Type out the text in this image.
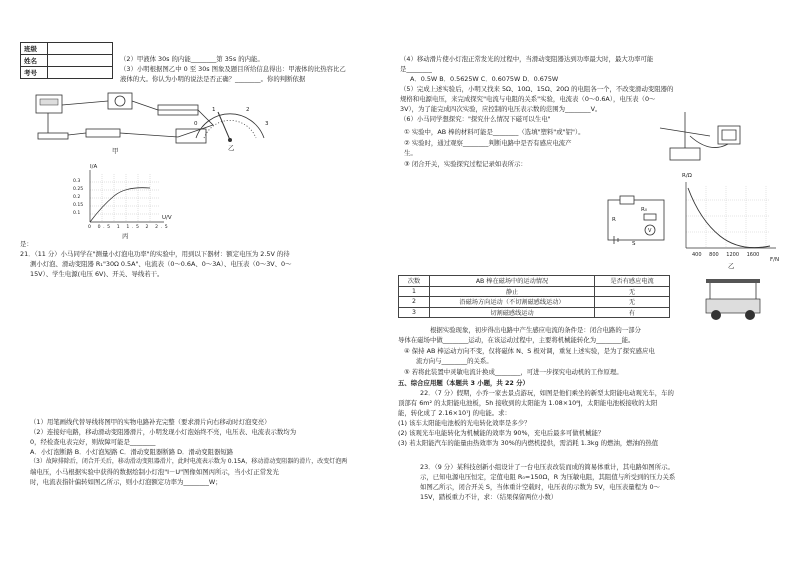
班级	
姓名	
考号	
（2）甲液体 30s 的内能________第 35s 的内能。
（3）小明根据图乙中 0 至 30s 图象及题目所给信息得出：甲液体的比热容比乙
液体的大。你认为小明的说法是否正确？________。你的判断依据
甲
0
1	2
3
乙
I/A
U/V
0.3
0.25
0.2
0.15
0.1
0 0.5 1 1.5 2 2.5
丙
是：
21．（11 分）小马同学在"测量小灯泡电功率"的实验中，用到以下器材：额定电压为 2.5V 的待
测小灯泡、滑动变阻器 R₁"30Ω 0.5A"、电流表（0～0.6A、0～3A）、电压表（0～3V、0～
15V）、学生电源(电压 6V)、开关、导线若干。
（1）用笔画线代替导线将图甲的实物电路补充完整（要求滑片向右移动时灯泡变亮）
（2）连接好电路，移动滑动变阻器滑片，小明发现小灯泡始终不亮，电压表、电流表示数均为
0，经检查电表完好，则故障可能是________
A．小灯泡断路 B．小灯泡短路 C．滑动变阻器断路 D．滑动变阻器短路
（3）故障排除后，闭合开关后，移动滑动变阻器滑片，此时电流表示数为 0.15A，移动滑动变阻器的滑片，改变灯泡两
端电压，小马根据实验中获得的数据绘制小灯泡"I－U"图像如图丙所示，当小灯正常发光
时，电流表指针偏转如图乙所示，则小灯泡额定功率为________W；
（4）移动滑片使小灯泡正常发光的过程中，当滑动变阻器达到功率最大时，最大功率可能
是________
A．0.5W B．0.5625W C．0.6075W D．0.675W
（5）完成上述实验后，小明又找来 5Ω、10Ω、15Ω、20Ω 的电阻各一个，不改变滑动变阻器的
规格和电源电压，来完成探究"电流与电阻的关系"实验，电流表（0～0.6A），电压表（0～
3V），为了能完成四次实验，应控制的电压表示数的范围为________V。
（6）小马同学想探究："探究什么情况下磁可以生电"
① 实验中，AB 棒的材料可能是________（选填"塑料"或"铝"）。
② 实验时，通过观察________判断电路中是否有感应电流产
生。
③ 闭合开关，实验探究过程记录如表所示：
R
R₀
V
S
R/Ω
F/N
400 800 1200 1600
乙
次数	AB 棒在磁场中的运动情况	是否有感应电流
1	静止	无
2	沿磁场方向运动（不切割磁感线运动）	无
3	切割磁感线运动	有
根据实验现象，初步得出电路中产生感应电流的条件是：闭合电路的一部分
导体在磁场中做________运动，在该运动过程中，主要将机械能转化为________能。
④ 保持 AB 棒运动方向不变，仅将磁体 N、S 极对调，重复上述实验，是为了探究感应电
流方向与________的关系。
⑤ 若将此装置中灵敏电流计换成________，可进一步探究电动机的工作原理。
五、综合应用题（本题共 3 小题，共 22 分）
22．（7 分）假期，小乔一家去景点游玩，如图是他们乘坐的新型太阳能电动观光车，车的
顶部有 6m² 的太阳能电池板，5h 接收到的太阳能为 1.08×10⁸J，太阳能电池板接收的太阳
能，转化成了 2.16×10⁷J 的电能。求：
(1) 该车太阳能电池板的光电转化效率是多少？
(2) 该观光车电能转化为机械能的效率为 90%，充电后最多可做机械能？
(3) 若太阳能汽车的能量由热效率为 30%的内燃机提供，需消耗 1.3kg 的燃油，燃油的热值
23．（9 分）某科技创新小组设计了一台电压表改装而成的简易体重计，其电路如图所示。
示，已知电源电压恒定，定值电阻 R₀=150Ω，R 为压敏电阻，其阻值与所受到的压力关系
如图乙所示，闭合开关 S，当体重计空载时，电压表的示数为 5V，电压表量程为 0～
15V，踏板重力不计，求：（结果保留两位小数）
